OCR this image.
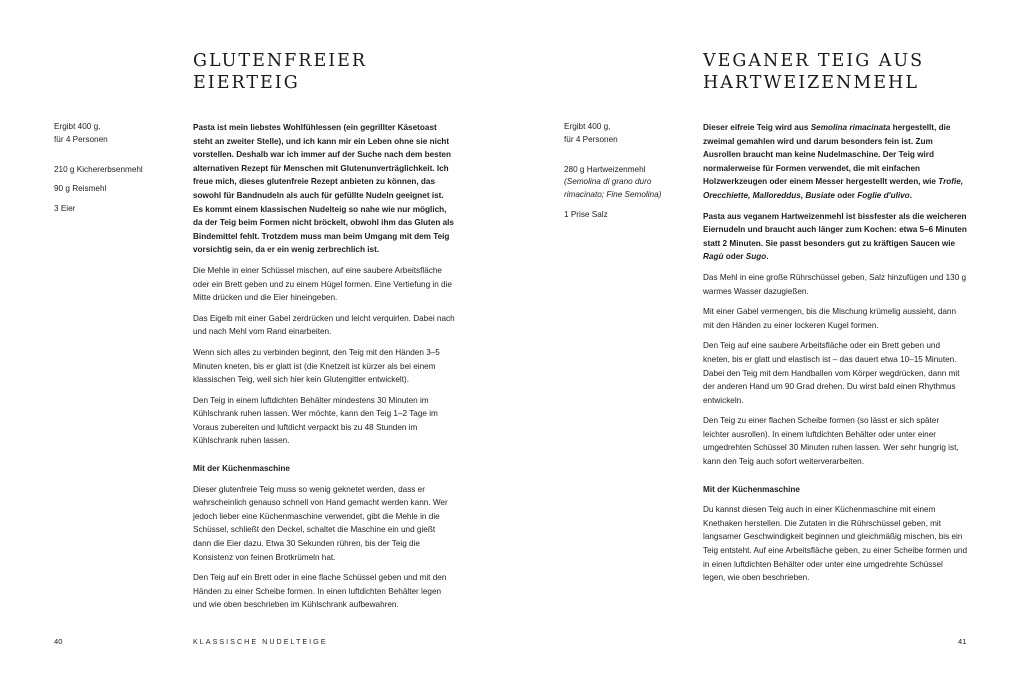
GLUTENFREIER
EIERTEIG

Ergibt 400 g,
für 4 Personen

210 g Kichererbsenmehl

90 g Reismehl

3 Eier

Pasta ist mein liebstes Wohlfühlessen (ein gegrillter Käsetoast steht an zweiter Stelle), und ich kann mir ein Leben ohne sie nicht vorstellen. Deshalb war ich immer auf der Suche nach dem besten alternativen Rezept für Menschen mit Glutenunverträglichkeit. Ich freue mich, dieses glutenfreie Rezept anbieten zu können, das sowohl für Bandnudeln als auch für gefüllte Nudeln geeignet ist. Es kommt einem klassischen Nudelteig so nahe wie nur möglich, da der Teig beim Formen nicht bröckelt, obwohl ihm das Gluten als Bindemittel fehlt. Trotzdem muss man beim Umgang mit dem Teig vorsichtig sein, da er ein wenig zerbrechlich ist.

Die Mehle in einer Schüssel mischen, auf eine saubere Arbeitsfläche oder ein Brett geben und zu einem Hügel formen. Eine Vertiefung in die Mitte drücken und die Eier hineingeben.

Das Eigelb mit einer Gabel zerdrücken und leicht verquirlen. Dabei nach und nach Mehl vom Rand einarbeiten.

Wenn sich alles zu verbinden beginnt, den Teig mit den Händen 3–5 Minuten kneten, bis er glatt ist (die Knetzeit ist kürzer als bei einem klassischen Teig, weil sich hier kein Glutengitter entwickelt).

Den Teig in einem luftdichten Behälter mindestens 30 Minuten im Kühlschrank ruhen lassen. Wer möchte, kann den Teig 1–2 Tage im Voraus zubereiten und luftdicht verpackt bis zu 48 Stunden im Kühlschrank ruhen lassen.

Mit der Küchenmaschine

Dieser glutenfreie Teig muss so wenig geknetet werden, dass er wahrscheinlich genauso schnell von Hand gemacht werden kann. Wer jedoch lieber eine Küchenmaschine verwendet, gibt die Mehle in die Schüssel, schließt den Deckel, schaltet die Maschine ein und gießt dann die Eier dazu. Etwa 30 Sekunden rühren, bis der Teig die Konsistenz von feinen Brotkrümeln hat.

Den Teig auf ein Brett oder in eine flache Schüssel geben und mit den Händen zu einer Scheibe formen. In einen luftdichten Behälter legen und wie oben beschrieben im Kühlschrank aufbewahren.

40	KLASSISCHE NUDELTEIGE
VEGANER TEIG AUS
HARTWEIZENMEHL

Ergibt 400 g,
für 4 Personen

280 g Hartweizenmehl
(Semolina di grano duro rimacinato; Fine Semolina)

1 Prise Salz

Dieser eifreie Teig wird aus Semolina rimacinata hergestellt, die zweimal gemahlen wird und darum besonders fein ist. Zum Ausrollen braucht man keine Nudelmaschine. Der Teig wird normalerweise für Formen verwendet, die mit einfachen Holzwerkzeugen oder einem Messer hergestellt werden, wie Trofie, Orecchiette, Malloreddus, Busiate oder Foglie d'ulivo.

Pasta aus veganem Hartweizenmehl ist bissfester als die weicheren Eiernudeln und braucht auch länger zum Kochen: etwa 5–6 Minuten statt 2 Minuten. Sie passt besonders gut zu kräftigen Saucen wie Ragù oder Sugo.

Das Mehl in eine große Rührschüssel geben, Salz hinzufügen und 130 g warmes Wasser dazugießen.

Mit einer Gabel vermengen, bis die Mischung krümelig aussieht, dann mit den Händen zu einer lockeren Kugel formen.

Den Teig auf eine saubere Arbeitsfläche oder ein Brett geben und kneten, bis er glatt und elastisch ist – das dauert etwa 10–15 Minuten. Dabei den Teig mit dem Handballen vom Körper wegdrücken, dann mit der anderen Hand um 90 Grad drehen. Du wirst bald einen Rhythmus entwickeln.

Den Teig zu einer flachen Scheibe formen (so lässt er sich später leichter ausrollen). In einem luftdichten Behälter oder unter einer umgedrehten Schüssel 30 Minuten ruhen lassen. Wer sehr hungrig ist, kann den Teig auch sofort weiterverarbeiten.

Mit der Küchenmaschine

Du kannst diesen Teig auch in einer Küchenmaschine mit einem Knethaken herstellen. Die Zutaten in die Rührschüssel geben, mit langsamer Geschwindigkeit beginnen und gleichmäßig mischen, bis ein Teig entsteht. Auf eine Arbeitsfläche geben, zu einer Scheibe formen und in einen luftdichten Behälter oder unter eine umgedrehte Schüssel legen, wie oben beschrieben.

41
